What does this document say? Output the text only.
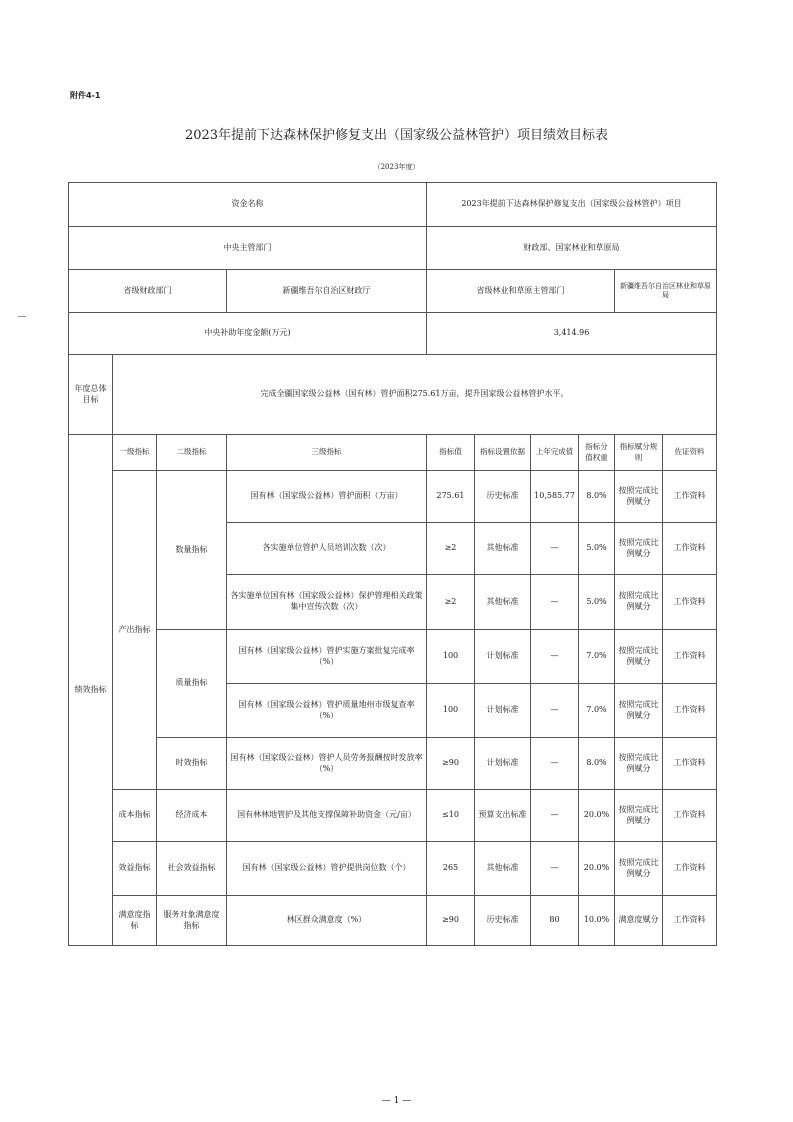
附件4-1
2023年提前下达森林保护修复支出（国家级公益林管护）项目绩效目标表
（2023年度）
资金名称				2023年提前下达森林保护修复支出（国家级公益林管护）项目					
中央主管部门				财政部、国家林业和草原局					
省级财政部门			新疆维吾尔自治区财政厅	省级林业和草原主管部门				新疆维吾尔自治区林业和草原局	
中央补助年度金额(万元)				3,414.96					
年度总体目标	完成全疆国家级公益林（国有林）管护面积275.61万亩，提升国家级公益林管护水平。								
绩效指标	一级指标	二级指标	三级指标	指标值	指标设置依据	上年完成值	指标分值权重	指标赋分规则	佐证资料
	产出指标	数量指标	国有林（国家级公益林）管护面积（万亩）	275.61	历史标准	10,585.77	8.0%	按照完成比例赋分	工作资料
			各实施单位管护人员培训次数（次）	≥2	其他标准	—	5.0%	按照完成比例赋分	工作资料
			各实施单位国有林（国家级公益林）保护管理相关政策集中宣传次数（次）	≥2	其他标准	—	5.0%	按照完成比例赋分	工作资料
		质量指标	国有林（国家级公益林）管护实施方案批复完成率（%）	100	计划标准	—	7.0%	按照完成比例赋分	工作资料
			国有林（国家级公益林）管护质量地州市级复查率（%）	100	计划标准	—	7.0%	按照完成比例赋分	工作资料
		时效指标	国有林（国家级公益林）管护人员劳务报酬按时发放率（%）	≥90	计划标准	—	8.0%	按照完成比例赋分	工作资料
	成本指标	经济成本	国有林林地管护及其他支撑保障补助资金（元/亩）	≤10	预算支出标准	—	20.0%	按照完成比例赋分	工作资料
	效益指标	社会效益指标	国有林（国家级公益林）管护提供岗位数（个）	265	其他标准	—	20.0%	按照完成比例赋分	工作资料
	满意度指标	服务对象满意度指标	林区群众满意度（%）	≥90	历史标准	80	10.0%	满意度赋分	工作资料
— 1 —
